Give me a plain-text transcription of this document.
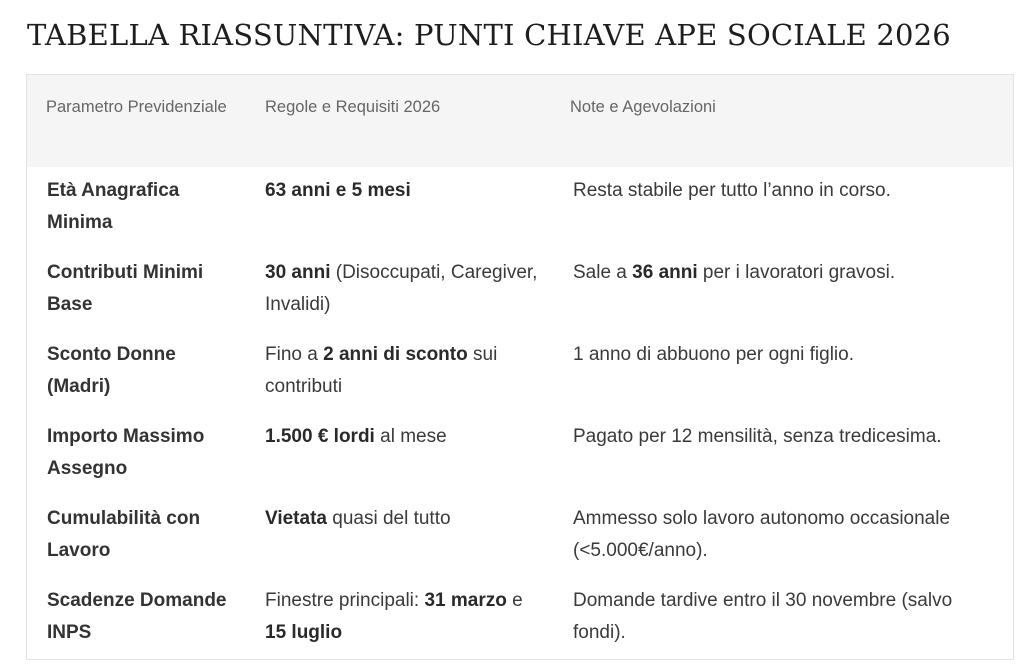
TABELLA RIASSUNTIVA: PUNTI CHIAVE APE SOCIALE 2026
Parametro Previdenziale	Regole e Requisiti 2026	Note e Agevolazioni
Età Anagrafica Minima	63 anni e 5 mesi	Resta stabile per tutto l’anno in corso.
Contributi Minimi Base	30 anni (Disoccupati, Caregiver, Invalidi)	Sale a 36 anni per i lavoratori gravosi.
Sconto Donne (Madri)	Fino a 2 anni di sconto sui contributi	1 anno di abbuono per ogni figlio.
Importo Massimo Assegno	1.500 € lordi al mese	Pagato per 12 mensilità, senza tredicesima.
Cumulabilità con Lavoro	Vietata quasi del tutto	Ammesso solo lavoro autonomo occasionale (<5.000€/anno).
Scadenze Domande INPS	Finestre principali: 31 marzo e 15 luglio	Domande tardive entro il 30 novembre (salvo fondi).
